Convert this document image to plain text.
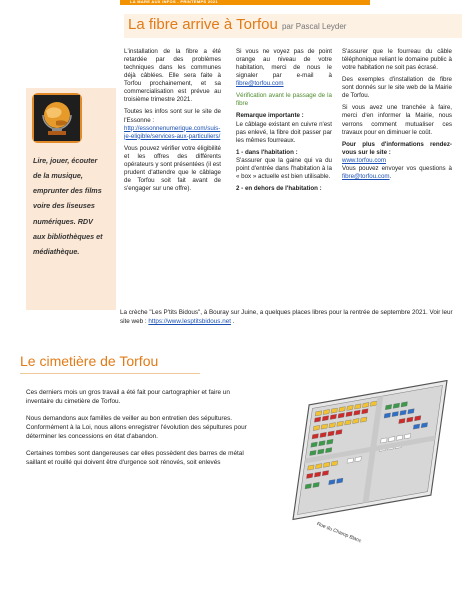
LA MARE AUX INFOS - PRINTEMPS 2021
La fibre arrive à Torfou par Pascal Leyder
Lire, jouer, écouter
de la musique,
emprunter des films
voire des liseuses
numériques. RDV
aux bibliothèques et
médiathèque.

L'installation de la fibre a été retardée par des problèmes techniques dans les communes déjà câblées. Elle sera faite à Torfou prochainement, et sa commercialisation est prévue au troisième trimestre 2021.

Toutes les infos sont sur le site de l'Essonne :
http://essonnenumerique.com/suis-je-eligible/services-aux-particuliers/

Vous pouvez vérifier votre éligibilité et les offres des différents opérateurs y sont présentées (il est prudent d'attendre que le câblage de Torfou soit fait avant de s'engager sur une offre).

Si vous ne voyez pas de point orange au niveau de votre habitation, merci de nous le signaler par e-mail à fibre@torfou.com

Vérification avant le passage de la fibre

Remarque importante :

Le câblage existant en cuivre n'est pas enlevé, la fibre doit passer par les mêmes fourreaux.

1 - dans l'habitation :

S'assurer que la gaine qui va du point d'entrée dans l'habitation à la « box » actuelle est bien utilisable.

2 - en dehors de l'habitation :

S'assurer que le fourreau du câble téléphonique reliant le domaine public à votre habitation ne soit pas écrasé.

Des exemples d'installation de fibre sont donnés sur le site web de la Mairie de Torfou.

Si vous avez une tranchée à faire, merci d'en informer la Mairie, nous verrons comment mutualiser ces travaux pour en diminuer le coût.

Pour plus d'informations rendez-vous sur le site :
www.torfou.com

Vous pouvez envoyer vos questions à fibre@torfou.com.

La crèche "Les P'tits Bidous", à Bouray sur Juine, a quelques places libres pour la rentrée de septembre 2021. Voir leur site web : https://www.lesptitsbidous.net .
Le cimetière de Torfou

Ces derniers mois un gros travail a été fait pour cartographier et faire un inventaire du cimetière de Torfou.

Nous demandons aux familles de veiller au bon entretien des sépultures. Conformément à la Loi, nous allons enregistrer l'évolution des sépultures pour déterminer les concessions en état d'abandon.

Certaines tombes sont dangereuses car elles possèdent des barres de métal saillant et rouillé qui doivent être d'urgence soit rénovés, soit enlevés

Rue du Champ Blanc
